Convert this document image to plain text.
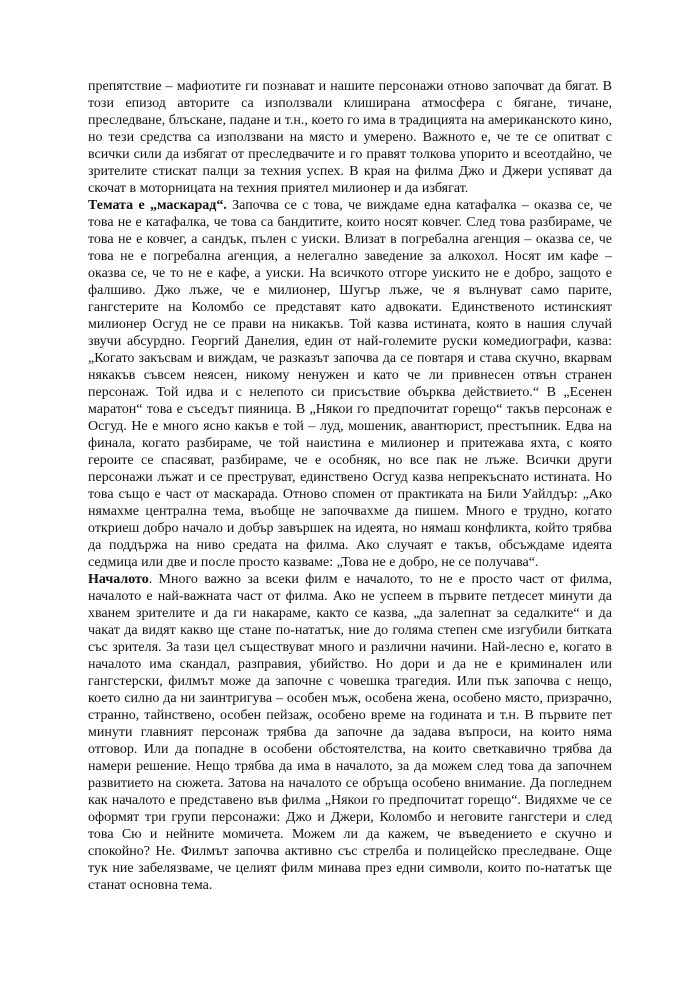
препятствие – мафиотите ги познават и нашите персонажи отново започват да бягат. В този епизод авторите са използвали клиширана атмосфера с бягане, тичане, преследване, блъскане, падане и т.н., което го има в традицията на американското кино, но тези средства са използвани на място и умерено. Важното е, че те се опитват с всички сили да избягат от преследвачите и го правят толкова упорито и всеотдайно, че зрителите стискат палци за техния успех. В края на филма Джо и Джери успяват да скочат в моторницата на техния приятел милионер и да избягат.

Темата е „маскарад“. Започва се с това, че виждаме една катафалка – оказва се, че това не е катафалка, че това са бандитите, които носят ковчег. След това разбираме, че това не е ковчег, а сандък, пълен с уиски. Влизат в погребална агенция – оказва се, че това не е погребална агенция, а нелегално заведение за алкохол. Носят им кафе – оказва се, че то не е кафе, а уиски. На всичкото отгоре уискито не е добро, защото е фалшиво. Джо лъже, че е милионер, Шугър лъже, че я вълнуват само парите, гангстерите на Коломбо се представят като адвокати. Единственото истинският милионер Осгуд не се прави на никакъв. Той казва истината, която в нашия случай звучи абсурдно. Георгий Данелия, един от най-големите руски комедиографи, казва: „Когато закъсвам и виждам, че разказът започва да се повтаря и става скучно, вкарвам някакъв съвсем неясен, никому ненужен и като че ли привнесен отвън странен персонаж. Той идва и с нелепото си присъствие обърква действието.“ В „Есенен маратон“ това е съседът пияница. В „Някои го предпочитат горещо“ такъв персонаж е Осгуд. Не е много ясно какъв е той – луд, мошеник, авантюрист, престъпник. Едва на финала, когато разбираме, че той наистина е милионер и притежава яхта, с която героите се спасяват, разбираме, че е особняк, но все пак не лъже. Всички други персонажи лъжат и се преструват, единствено Осгуд казва непрекъснато истината. Но това също е част от маскарада. Отново спомен от практиката на Били Уайлдър: „Ако нямахме централна тема, въобще не започвахме да пишем. Много е трудно, когато откриеш добро начало и добър завършек на идеята, но нямаш конфликта, който трябва да поддържа на ниво средата на филма. Ако случаят е такъв, обсъждаме идеята седмица или две и после просто казваме: „Това не е добро, не се получава“.

Началото. Много важно за всеки филм е началото, то не е просто част от филма, началото е най-важната част от филма. Ако не успеем в първите петдесет минути да хванем зрителите и да ги накараме, както се казва, „да залепнат за седалките“ и да чакат да видят какво ще стане по-нататък, ние до голяма степен сме изгубили битката със зрителя. За тази цел съществуват много и различни начини. Най-лесно е, когато в началото има скандал, разправия, убийство. Но дори и да не е криминален или гангстерски, филмът може да започне с човешка трагедия. Или пък започва с нещо, което силно да ни заинтригува – особен мъж, особена жена, особено място, призрачно, странно, тайнствено, особен пейзаж, особено време на годината и т.н. В първите пет минути главният персонаж трябва да започне да задава въпроси, на които няма отговор. Или да попадне в особени обстоятелства, на които светкавично трябва да намери решение. Нещо трябва да има в началото, за да можем след това да започнем развитието на сюжета. Затова на началото се обръща особено внимание. Да погледнем как началото е представено във филма „Някои го предпочитат горещо“. Видяхме че се оформят три групи персонажи: Джо и Джери, Коломбо и неговите гангстери и след това Сю и нейните момичета. Можем ли да кажем, че въведението е скучно и спокойно? Не. Филмът започва активно със стрелба и полицейско преследване. Още тук ние забелязваме, че целият филм минава през едни символи, които по-нататък ще станат основна тема.
